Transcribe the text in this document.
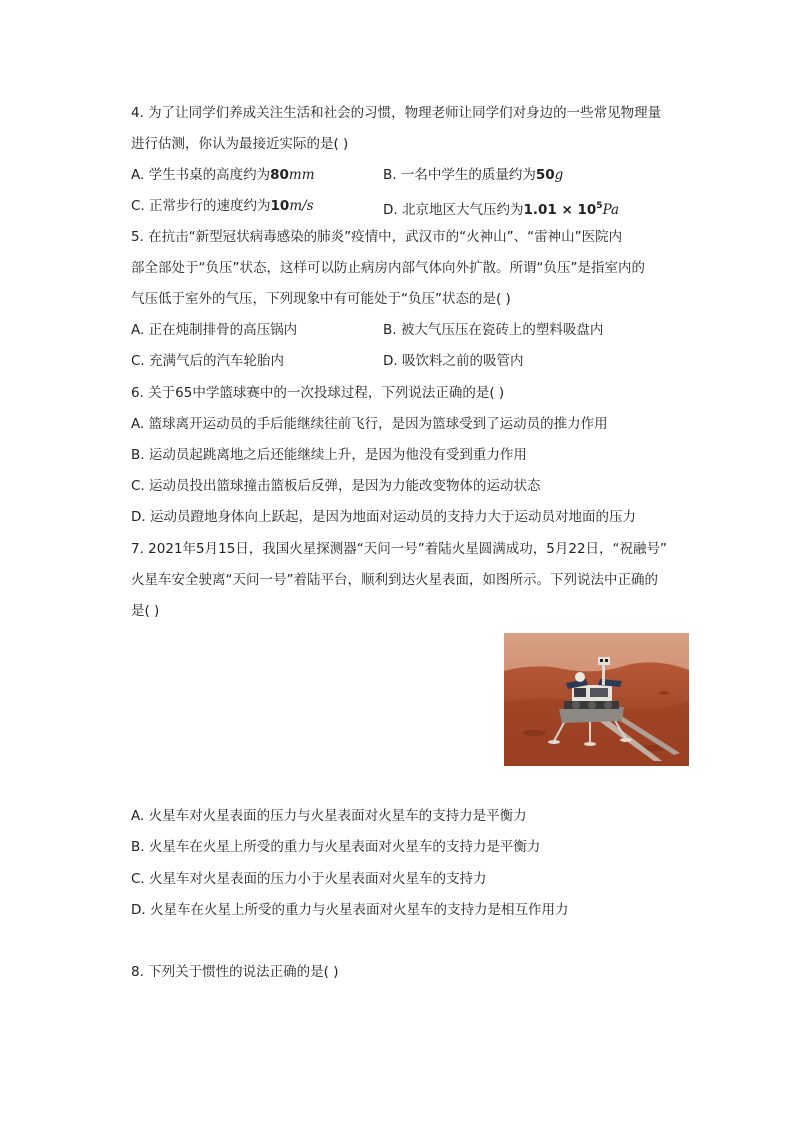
4. 为了让同学们养成关注生活和社会的习惯，物理老师让同学们对身边的一些常见物理量
进行估测，你认为最接近实际的是( )
A. 学生书桌的高度约为80mm	B. 一名中学生的质量约为50g
C. 正常步行的速度约为10m/s	D. 北京地区大气压约为$1.01 \times 10^5Pa$
5. 在抗击“新型冠状病毒感染的肺炎”疫情中，武汉市的“火神山”、“雷神山”医院内
部全部处于“负压”状态，这样可以防止病房内部气体向外扩散。所谓“负压”是指室内的
气压低于室外的气压，下列现象中有可能处于“负压”状态的是( )
A. 正在炖制排骨的高压锅内	B. 被大气压压在瓷砖上的塑料吸盘内
C. 充满气后的汽车轮胎内	D. 吸饮料之前的吸管内
6. 关于65中学篮球赛中的一次投球过程，下列说法正确的是( )
A. 篮球离开运动员的手后能继续往前飞行，是因为篮球受到了运动员的推力作用
B. 运动员起跳离地之后还能继续上升，是因为他没有受到重力作用
C. 运动员投出篮球撞击篮板后反弹，是因为力能改变物体的运动状态
D. 运动员蹬地身体向上跃起，是因为地面对运动员的支持力大于运动员对地面的压力
7. 2021年5月15日，我国火星探测器“天问一号”着陆火星圆满成功，5月22日，“祝融号”
火星车安全驶离“天问一号”着陆平台，顺利到达火星表面，如图所示。下列说法中正确的
是( )
A. 火星车对火星表面的压力与火星表面对火星车的支持力是平衡力
B. 火星车在火星上所受的重力与火星表面对火星车的支持力是平衡力
C. 火星车对火星表面的压力小于火星表面对火星车的支持力
D. 火星车在火星上所受的重力与火星表面对火星车的支持力是相互作用力
8. 下列关于惯性的说法正确的是( )
